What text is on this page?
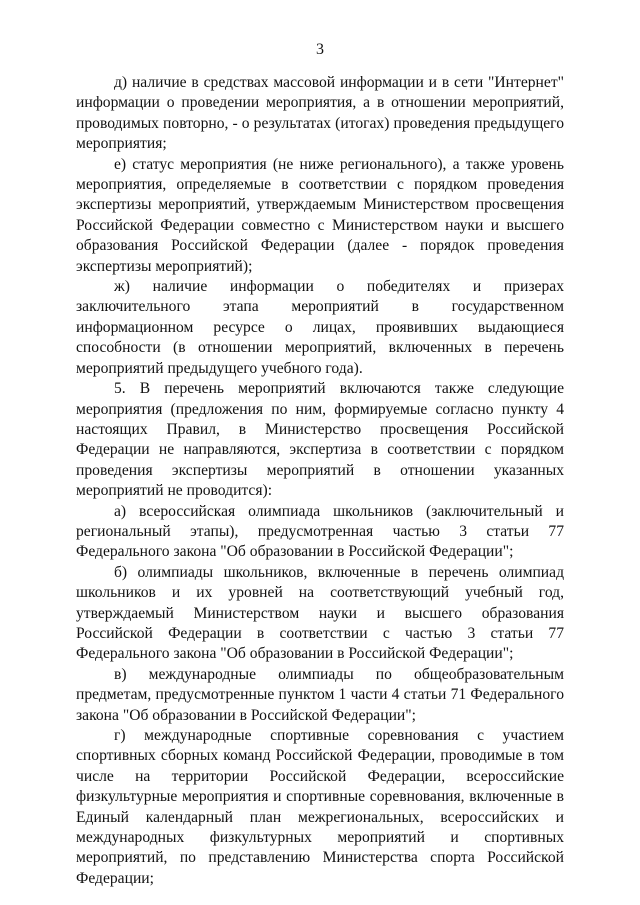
3

д) наличие в средствах массовой информации и в сети "Интернет" информации о проведении мероприятия, а в отношении мероприятий, проводимых повторно, - о результатах (итогах) проведения предыдущего мероприятия;

е) статус мероприятия (не ниже регионального), а также уровень мероприятия, определяемые в соответствии с порядком проведения экспертизы мероприятий, утверждаемым Министерством просвещения Российской Федерации совместно с Министерством науки и высшего образования Российской Федерации (далее - порядок проведения экспертизы мероприятий);

ж) наличие информации о победителях и призерах заключительного этапа мероприятий в государственном информационном ресурсе о лицах, проявивших выдающиеся способности (в отношении мероприятий, включенных в перечень мероприятий предыдущего учебного года).

5. В перечень мероприятий включаются также следующие мероприятия (предложения по ним, формируемые согласно пункту 4 настоящих Правил, в Министерство просвещения Российской Федерации не направляются, экспертиза в соответствии с порядком проведения экспертизы мероприятий в отношении указанных мероприятий не проводится):

а) всероссийская олимпиада школьников (заключительный и региональный этапы), предусмотренная частью 3 статьи 77 Федерального закона "Об образовании в Российской Федерации";

б) олимпиады школьников, включенные в перечень олимпиад школьников и их уровней на соответствующий учебный год, утверждаемый Министерством науки и высшего образования Российской Федерации в соответствии с частью 3 статьи 77 Федерального закона "Об образовании в Российской Федерации";

в) международные олимпиады по общеобразовательным предметам, предусмотренные пунктом 1 части 4 статьи 71 Федерального закона "Об образовании в Российской Федерации";

г) международные спортивные соревнования с участием спортивных сборных команд Российской Федерации, проводимые в том числе на территории Российской Федерации, всероссийские физкультурные мероприятия и спортивные соревнования, включенные в Единый календарный план межрегиональных, всероссийских и международных физкультурных мероприятий и спортивных мероприятий, по представлению Министерства спорта Российской Федерации;
